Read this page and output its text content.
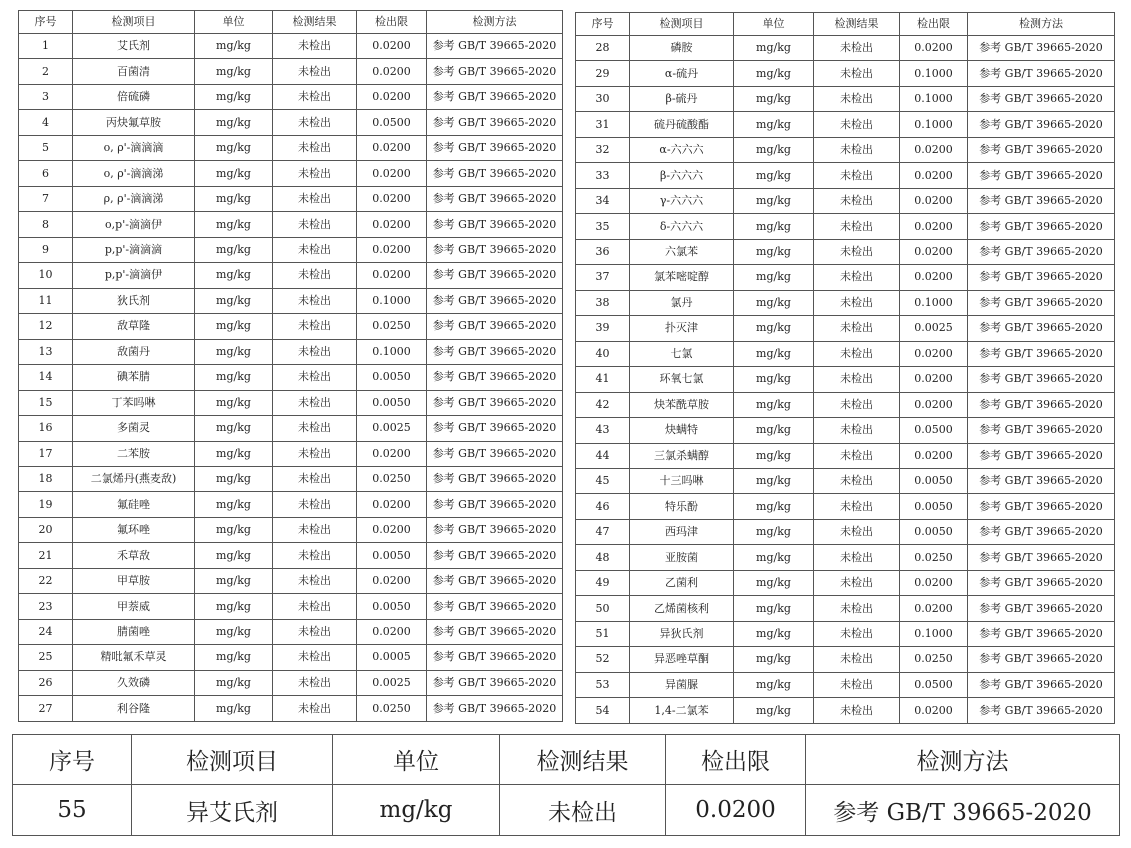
序号	检测项目	单位	检测结果	检出限	检测方法
1	艾氏剂	mg/kg	未检出	0.0200	参考 GB/T 39665-2020
2	百菌清	mg/kg	未检出	0.0200	参考 GB/T 39665-2020
3	倍硫磷	mg/kg	未检出	0.0200	参考 GB/T 39665-2020
4	丙炔氟草胺	mg/kg	未检出	0.0500	参考 GB/T 39665-2020
5	o, ρ'-滴滴滴	mg/kg	未检出	0.0200	参考 GB/T 39665-2020
6	o, ρ'-滴滴涕	mg/kg	未检出	0.0200	参考 GB/T 39665-2020
7	ρ, ρ'-滴滴涕	mg/kg	未检出	0.0200	参考 GB/T 39665-2020
8	o,p'-滴滴伊	mg/kg	未检出	0.0200	参考 GB/T 39665-2020
9	p,p'-滴滴滴	mg/kg	未检出	0.0200	参考 GB/T 39665-2020
10	p,p'-滴滴伊	mg/kg	未检出	0.0200	参考 GB/T 39665-2020
11	狄氏剂	mg/kg	未检出	0.1000	参考 GB/T 39665-2020
12	敌草隆	mg/kg	未检出	0.0250	参考 GB/T 39665-2020
13	敌菌丹	mg/kg	未检出	0.1000	参考 GB/T 39665-2020
14	碘苯腈	mg/kg	未检出	0.0050	参考 GB/T 39665-2020
15	丁苯吗啉	mg/kg	未检出	0.0050	参考 GB/T 39665-2020
16	多菌灵	mg/kg	未检出	0.0025	参考 GB/T 39665-2020
17	二苯胺	mg/kg	未检出	0.0200	参考 GB/T 39665-2020
18	二氯烯丹(燕麦敌)	mg/kg	未检出	0.0250	参考 GB/T 39665-2020
19	氟硅唑	mg/kg	未检出	0.0200	参考 GB/T 39665-2020
20	氟环唑	mg/kg	未检出	0.0200	参考 GB/T 39665-2020
21	禾草敌	mg/kg	未检出	0.0050	参考 GB/T 39665-2020
22	甲草胺	mg/kg	未检出	0.0200	参考 GB/T 39665-2020
23	甲萘威	mg/kg	未检出	0.0050	参考 GB/T 39665-2020
24	腈菌唑	mg/kg	未检出	0.0200	参考 GB/T 39665-2020
25	精吡氟禾草灵	mg/kg	未检出	0.0005	参考 GB/T 39665-2020
26	久效磷	mg/kg	未检出	0.0025	参考 GB/T 39665-2020
27	利谷隆	mg/kg	未检出	0.0250	参考 GB/T 39665-2020
序号	检测项目	单位	检测结果	检出限	检测方法
28	磷胺	mg/kg	未检出	0.0200	参考 GB/T 39665-2020
29	α-硫丹	mg/kg	未检出	0.1000	参考 GB/T 39665-2020
30	β-硫丹	mg/kg	未检出	0.1000	参考 GB/T 39665-2020
31	硫丹硫酸酯	mg/kg	未检出	0.1000	参考 GB/T 39665-2020
32	α-六六六	mg/kg	未检出	0.0200	参考 GB/T 39665-2020
33	β-六六六	mg/kg	未检出	0.0200	参考 GB/T 39665-2020
34	γ-六六六	mg/kg	未检出	0.0200	参考 GB/T 39665-2020
35	δ-六六六	mg/kg	未检出	0.0200	参考 GB/T 39665-2020
36	六氯苯	mg/kg	未检出	0.0200	参考 GB/T 39665-2020
37	氯苯嘧啶醇	mg/kg	未检出	0.0200	参考 GB/T 39665-2020
38	氯丹	mg/kg	未检出	0.1000	参考 GB/T 39665-2020
39	扑灭津	mg/kg	未检出	0.0025	参考 GB/T 39665-2020
40	七氯	mg/kg	未检出	0.0200	参考 GB/T 39665-2020
41	环氧七氯	mg/kg	未检出	0.0200	参考 GB/T 39665-2020
42	炔苯酰草胺	mg/kg	未检出	0.0200	参考 GB/T 39665-2020
43	炔螨特	mg/kg	未检出	0.0500	参考 GB/T 39665-2020
44	三氯杀螨醇	mg/kg	未检出	0.0200	参考 GB/T 39665-2020
45	十三吗啉	mg/kg	未检出	0.0050	参考 GB/T 39665-2020
46	特乐酚	mg/kg	未检出	0.0050	参考 GB/T 39665-2020
47	西玛津	mg/kg	未检出	0.0050	参考 GB/T 39665-2020
48	亚胺菌	mg/kg	未检出	0.0250	参考 GB/T 39665-2020
49	乙菌利	mg/kg	未检出	0.0200	参考 GB/T 39665-2020
50	乙烯菌核利	mg/kg	未检出	0.0200	参考 GB/T 39665-2020
51	异狄氏剂	mg/kg	未检出	0.1000	参考 GB/T 39665-2020
52	异恶唑草酮	mg/kg	未检出	0.0250	参考 GB/T 39665-2020
53	异菌脲	mg/kg	未检出	0.0500	参考 GB/T 39665-2020
54	1,4-二氯苯	mg/kg	未检出	0.0200	参考 GB/T 39665-2020
序号	检测项目	单位	检测结果	检出限	检测方法
55	异艾氏剂	mg/kg	未检出	0.0200	参考 GB/T 39665-2020
